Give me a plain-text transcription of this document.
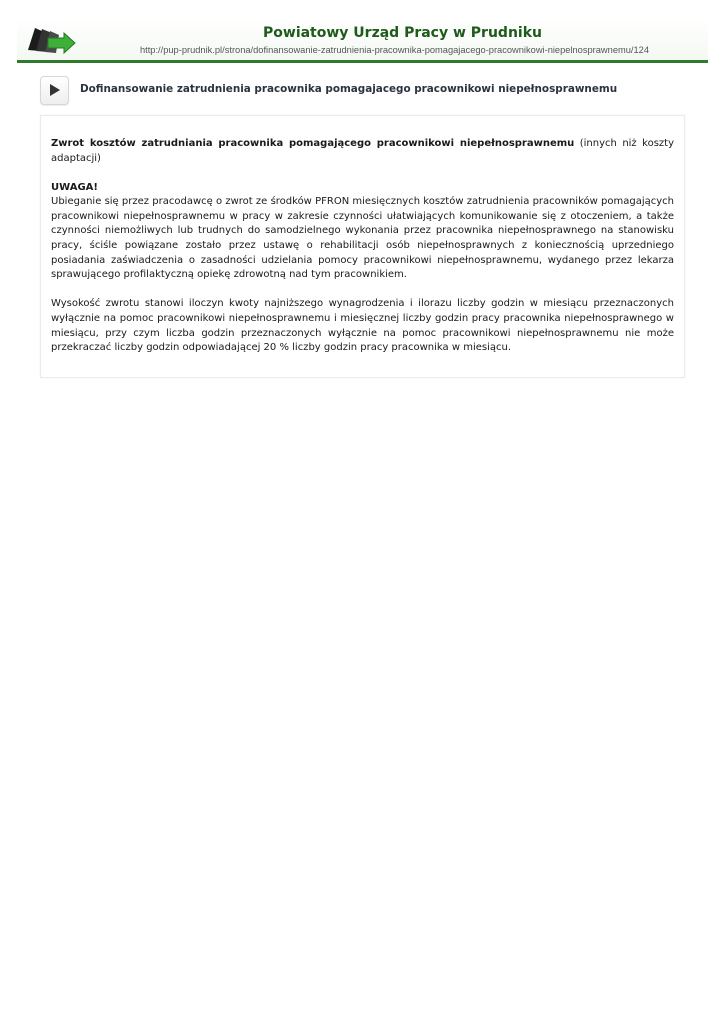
Powiatowy Urząd Pracy w Prudniku
http://pup-prudnik.pl/strona/dofinansowanie-zatrudnienia-pracownika-pomagajacego-pracownikowi-niepelnosprawnemu/124
Dofinansowanie zatrudnienia pracownika pomagajacego pracownikowi niepełnosprawnemu

Zwrot kosztów zatrudniania pracownika pomagającego pracownikowi niepełnosprawnemu (innych niż koszty adaptacji)

UWAGA!
Ubieganie się przez pracodawcę o zwrot ze środków PFRON miesięcznych kosztów zatrudnienia pracowników pomagających pracownikowi niepełnosprawnemu w pracy w zakresie czynności ułatwiających komunikowanie się z otoczeniem, a także czynności niemożliwych lub trudnych do samodzielnego wykonania przez pracownika niepełnosprawnego na stanowisku pracy, ściśle powiązane zostało przez ustawę o rehabilitacji osób niepełnosprawnych z koniecznością uprzedniego posiadania zaświadczenia o zasadności udzielania pomocy pracownikowi niepełnosprawnemu, wydanego przez lekarza sprawującego profilaktyczną opiekę zdrowotną nad tym pracownikiem.

Wysokość zwrotu stanowi iloczyn kwoty najniższego wynagrodzenia i ilorazu liczby godzin w miesiącu przeznaczonych wyłącznie na pomoc pracownikowi niepełnosprawnemu i miesięcznej liczby godzin pracy pracownika niepełnosprawnego w miesiącu, przy czym liczba godzin przeznaczonych wyłącznie na pomoc pracownikowi niepełnosprawnemu nie może przekraczać liczby godzin odpowiadającej 20 % liczby godzin pracy pracownika w miesiącu.
